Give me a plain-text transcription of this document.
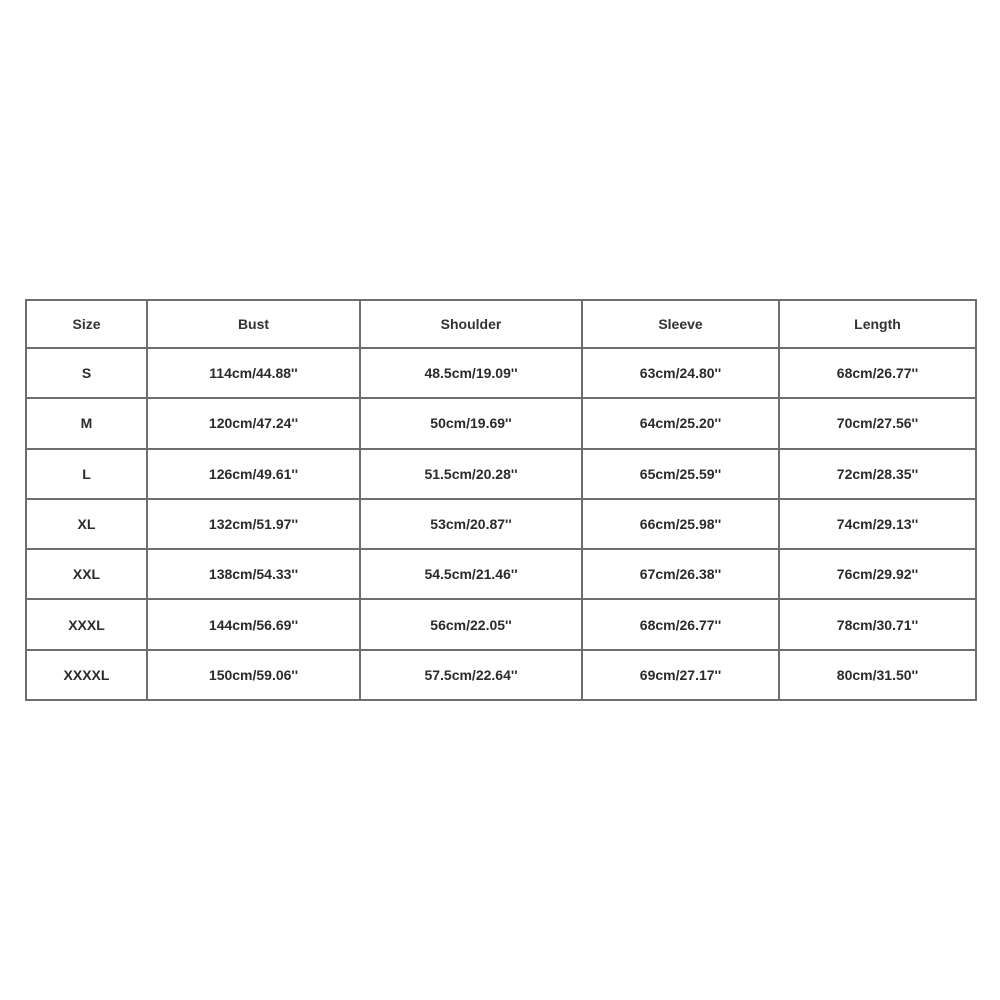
Size	Bust	Shoulder	Sleeve	Length
S	114cm/44.88''	48.5cm/19.09''	63cm/24.80''	68cm/26.77''
M	120cm/47.24''	50cm/19.69''	64cm/25.20''	70cm/27.56''
L	126cm/49.61''	51.5cm/20.28''	65cm/25.59''	72cm/28.35''
XL	132cm/51.97''	53cm/20.87''	66cm/25.98''	74cm/29.13''
XXL	138cm/54.33''	54.5cm/21.46''	67cm/26.38''	76cm/29.92''
XXXL	144cm/56.69''	56cm/22.05''	68cm/26.77''	78cm/30.71''
XXXXL	150cm/59.06''	57.5cm/22.64''	69cm/27.17''	80cm/31.50''
